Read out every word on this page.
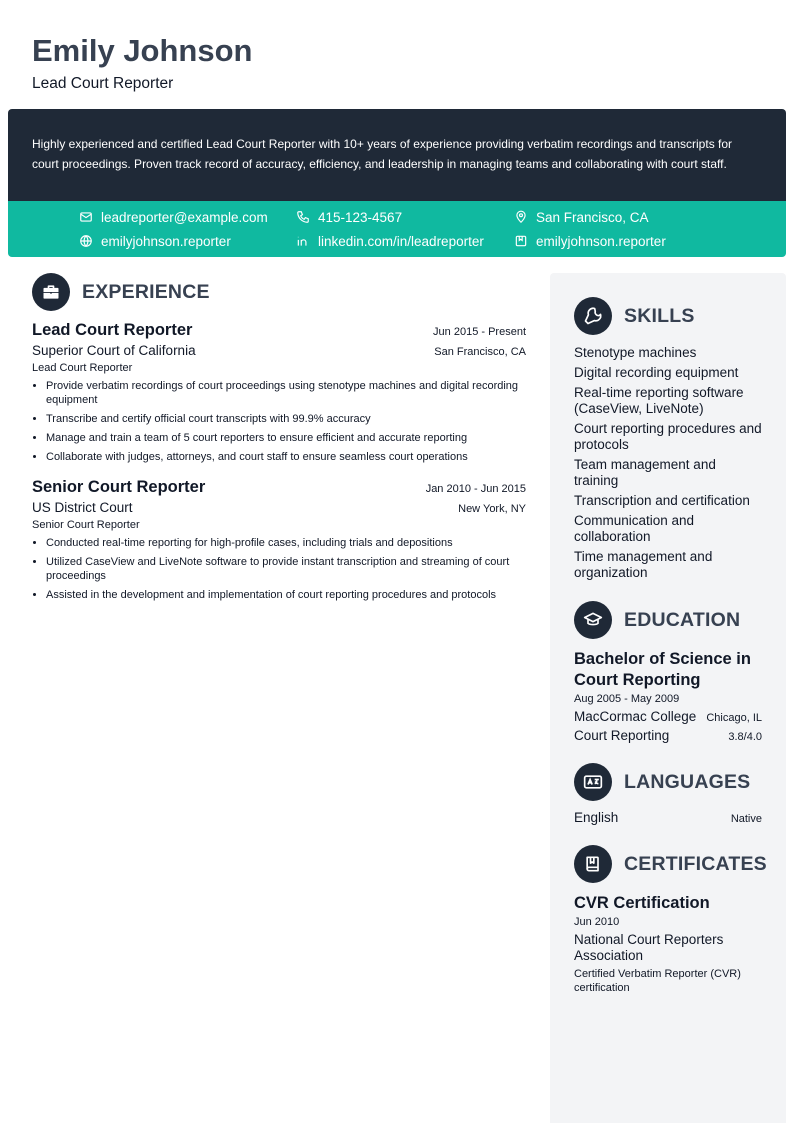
Emily Johnson
Lead Court Reporter
Highly experienced and certified Lead Court Reporter with 10+ years of experience providing verbatim recordings and transcripts for court proceedings. Proven track record of accuracy, efficiency, and leadership in managing teams and collaborating with court staff.
leadreporter@example.com	415-123-4567	San Francisco, CA
emilyjohnson.reporter	linkedin.com/in/leadreporter	emilyjohnson.reporter
EXPERIENCE
Lead Court Reporter	Jun 2015 - Present
Superior Court of California	San Francisco, CA
Lead Court Reporter
• Provide verbatim recordings of court proceedings using stenotype machines and digital recording equipment
• Transcribe and certify official court transcripts with 99.9% accuracy
• Manage and train a team of 5 court reporters to ensure efficient and accurate reporting
• Collaborate with judges, attorneys, and court staff to ensure seamless court operations
Senior Court Reporter	Jan 2010 - Jun 2015
US District Court	New York, NY
Senior Court Reporter
• Conducted real-time reporting for high-profile cases, including trials and depositions
• Utilized CaseView and LiveNote software to provide instant transcription and streaming of court proceedings
• Assisted in the development and implementation of court reporting procedures and protocols
SKILLS
Stenotype machines
Digital recording equipment
Real-time reporting software (CaseView, LiveNote)
Court reporting procedures and protocols
Team management and training
Transcription and certification
Communication and collaboration
Time management and organization
EDUCATION
Bachelor of Science in Court Reporting
Aug 2005 - May 2009
MacCormac College Chicago, IL
Court Reporting	3.8/4.0
LANGUAGES
English	Native
CERTIFICATES
CVR Certification
Jun 2010
National Court Reporters Association
Certified Verbatim Reporter (CVR) certification
